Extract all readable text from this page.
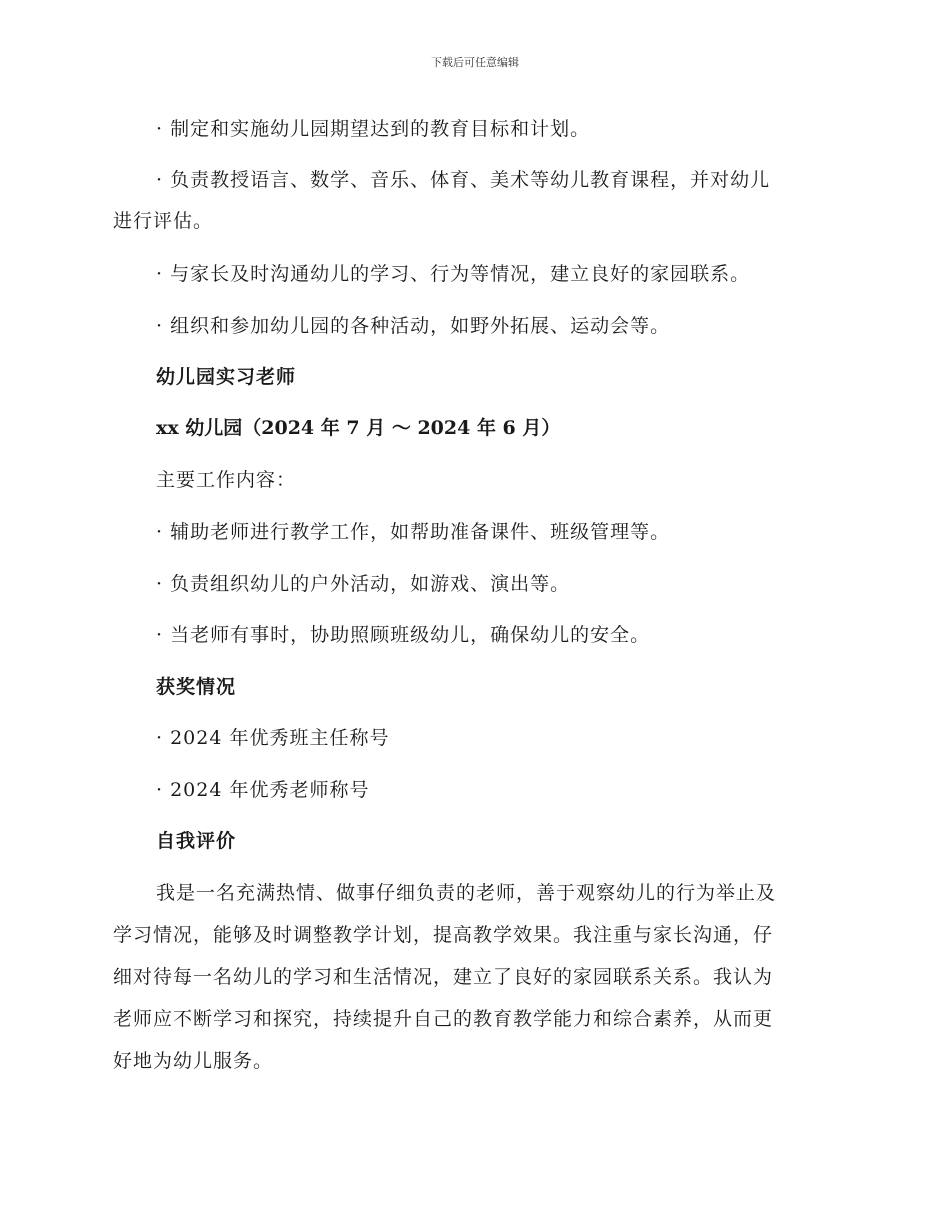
下载后可任意编辑
· 制定和实施幼儿园期望达到的教育目标和计划。
· 负责教授语言、数学、音乐、体育、美术等幼儿教育课程，并对幼儿
进行评估。
· 与家长及时沟通幼儿的学习、行为等情况，建立良好的家园联系。
· 组织和参加幼儿园的各种活动，如野外拓展、运动会等。
幼儿园实习老师
xx 幼儿园（2024 年 7 月 ～ 2024 年 6 月）
主要工作内容：
· 辅助老师进行教学工作，如帮助准备课件、班级管理等。
· 负责组织幼儿的户外活动，如游戏、演出等。
· 当老师有事时，协助照顾班级幼儿，确保幼儿的安全。
获奖情况
· 2024 年优秀班主任称号
· 2024 年优秀老师称号
自我评价
我是一名充满热情、做事仔细负责的老师，善于观察幼儿的行为举止及
学习情况，能够及时调整教学计划，提高教学效果。我注重与家长沟通，仔
细对待每一名幼儿的学习和生活情况，建立了良好的家园联系关系。我认为
老师应不断学习和探究，持续提升自己的教育教学能力和综合素养，从而更
好地为幼儿服务。
